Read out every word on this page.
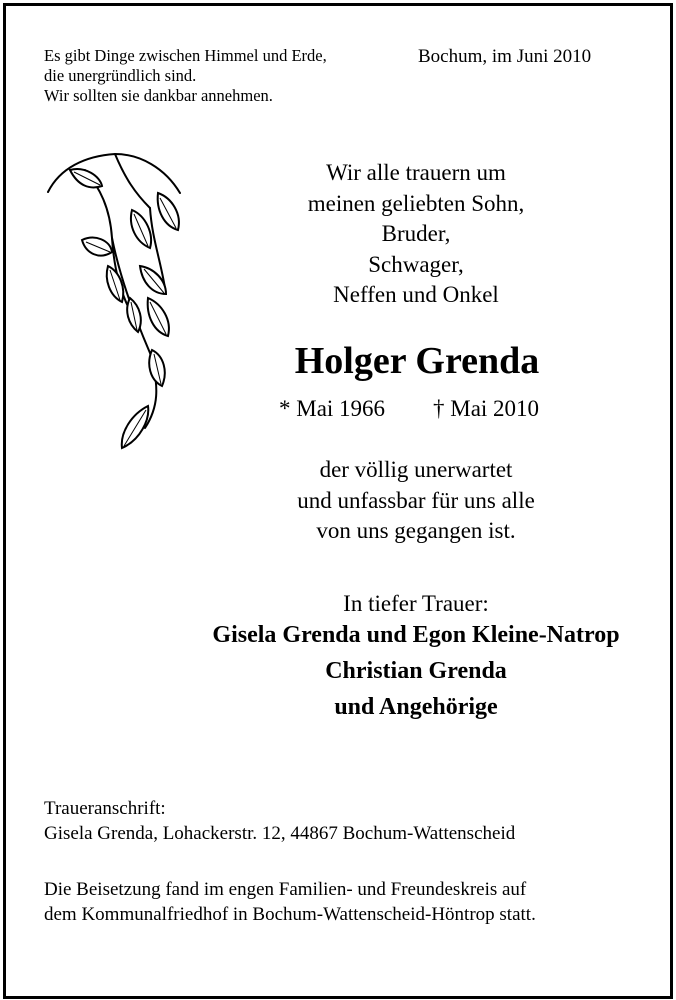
Es gibt Dinge zwischen Himmel und Erde,
die unergründlich sind.
Wir sollten sie dankbar annehmen.
Bochum, im Juni 2010
Wir alle trauern um
meinen geliebten Sohn,
Bruder,
Schwager,
Neffen und Onkel
Holger Grenda
* Mai 1966 † Mai 2010
der völlig unerwartet
und unfassbar für uns alle
von uns gegangen ist.
In tiefer Trauer:
Gisela Grenda und Egon Kleine-Natrop
Christian Grenda
und Angehörige
Traueranschrift:
Gisela Grenda, Lohackerstr. 12, 44867 Bochum-Wattenscheid
Die Beisetzung fand im engen Familien- und Freundeskreis auf
dem Kommunalfriedhof in Bochum-Wattenscheid-Höntrop statt.
